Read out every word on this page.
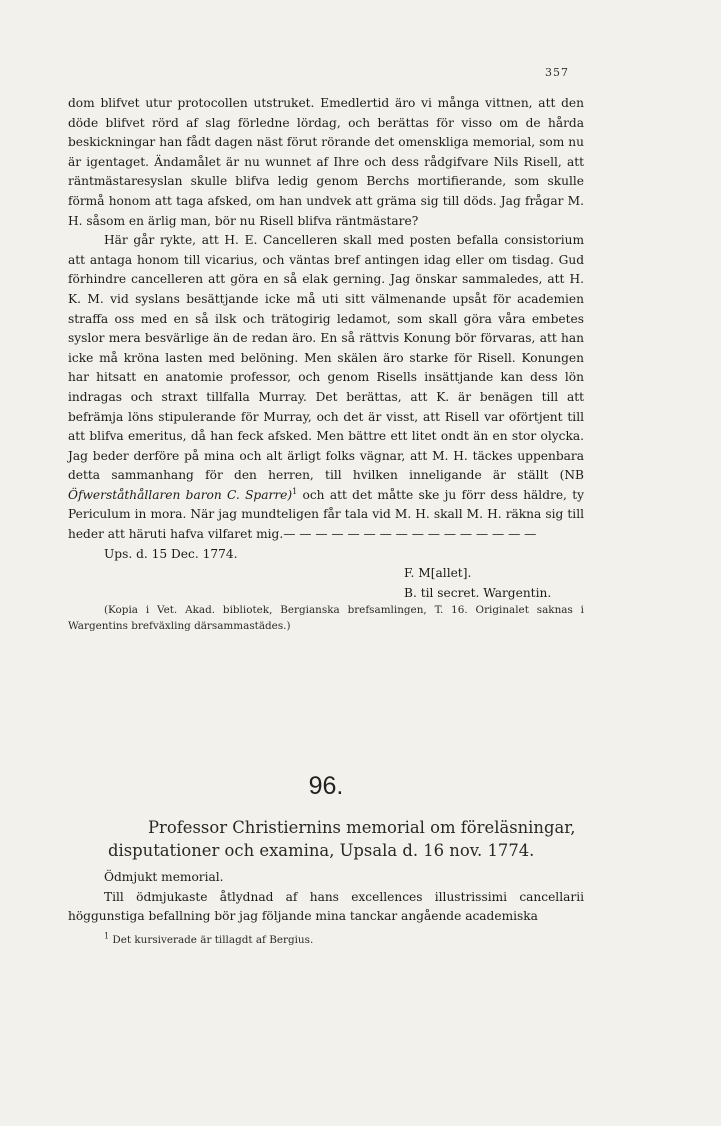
357

dom blifvet utur protocollen utstruket. Emedlertid äro vi många vittnen, att den döde blifvet rörd af slag förledne lördag, och berättas för visso om de hårda beskickningar han fådt dagen näst förut rörande det omenskliga memorial, som nu är igentaget. Ändamålet är nu wunnet af Ihre och dess rådgifvare Nils Risell, att räntmästaresyslan skulle blifva ledig genom Berchs mortifierande, som skulle förmå honom att taga afsked, om han undvek att gräma sig till döds. Jag frågar M. H. såsom en ärlig man, bör nu Risell blifva räntmästare?

Här går rykte, att H. E. Cancelleren skall med posten befalla consistorium att antaga honom till vicarius, och väntas bref antingen idag eller om tisdag. Gud förhindre cancelleren att göra en så elak gerning. Jag önskar sammaledes, att H. K. M. vid syslans besättjande icke må uti sitt välmenande upsåt för academien straffa oss med en så ilsk och trätogirig ledamot, som skall göra våra embetes syslor mera besvärlige än de redan äro. En så rättvis Konung bör förvaras, att han icke må kröna lasten med belöning. Men skälen äro starke för Risell. Konungen har hitsatt en anatomie professor, och genom Risells insättjande kan dess lön indragas och straxt tillfalla Murray. Det berättas, att K. är benägen till att befrämja löns stipulerande för Murray, och det är visst, att Risell var oförtjent till att blifva emeritus, då han feck afsked. Men bättre ett litet ondt än en stor olycka. Jag beder derföre på mina och alt ärligt folks vägnar, att M. H. täckes uppenbara detta sammanhang för den herren, till hvilken inneligande är ställt (NB Öfwerståthållaren baron C. Sparre)$^1$ och att det måtte ske ju förr dess häldre, ty Periculum in mora. När jag mundteligen får tala vid M. H. skall M. H. räkna sig till heder att häruti hafva vilfaret mig.— — — — — — — — — — — — — — — —

Ups. d. 15 Dec. 1774.

F. M[allet].

B. til secret. Wargentin.

(Kopia i Vet. Akad. bibliotek, Bergianska brefsamlingen, T. 16. Originalet saknas i Wargentins brefväxling därsammastädes.)

96.
Professor Christiernins memorial om föreläsningar, disputationer och examina, Upsala d. 16 nov. 1774.

Ödmjukt memorial.

Till ödmjukaste åtlydnad af hans excellences illustrissimi cancellarii höggunstiga befallning bör jag följande mina tanckar angående academiska

$^1$ Det kursiverade är tillagdt af Bergius.
